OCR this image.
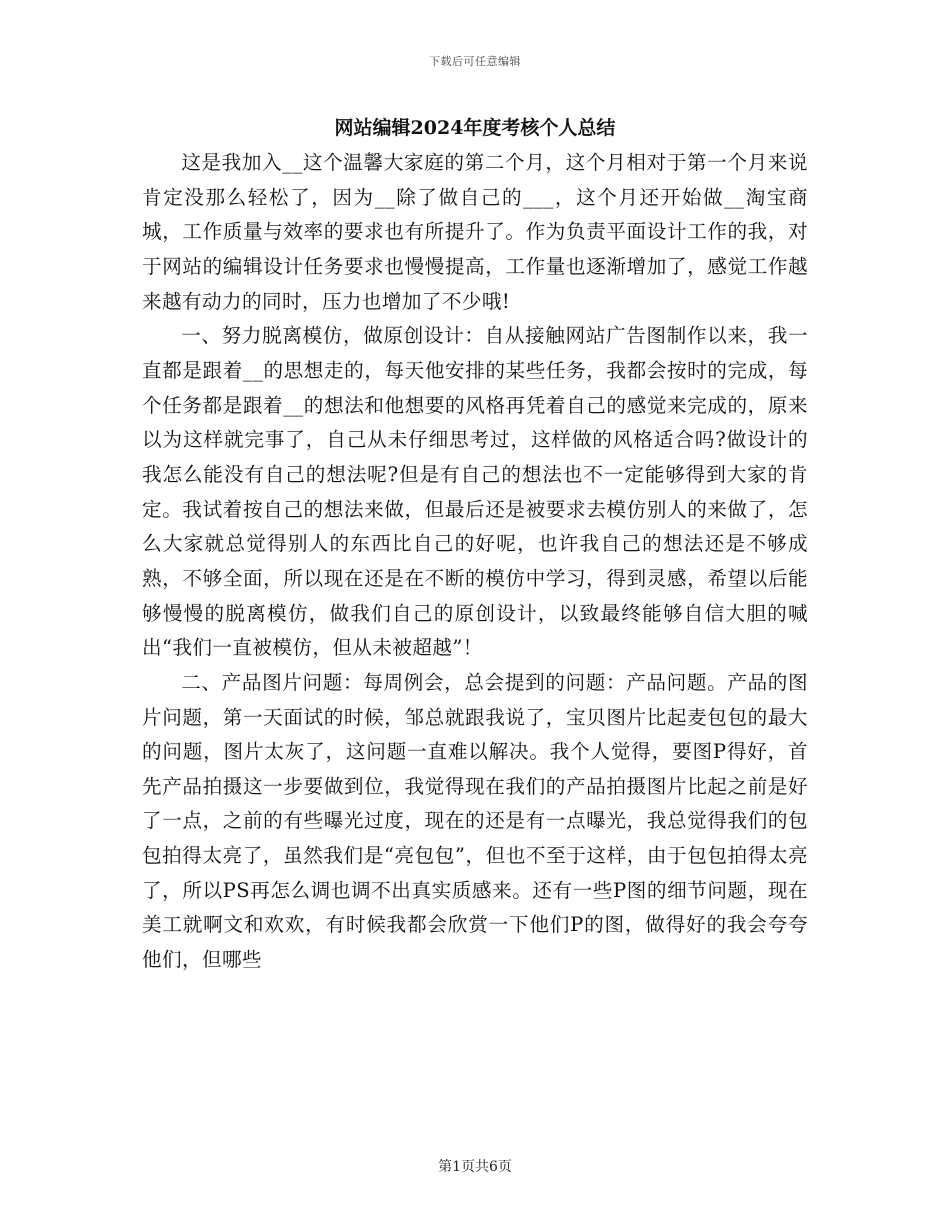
下载后可任意编辑
网站编辑2024年度考核个人总结

这是我加入__这个温馨大家庭的第二个月，这个月相对于第一个月来说肯定没那么轻松了，因为__除了做自己的___，这个月还开始做__淘宝商城，工作质量与效率的要求也有所提升了。作为负责平面设计工作的我，对于网站的编辑设计任务要求也慢慢提高，工作量也逐渐增加了，感觉工作越来越有动力的同时，压力也增加了不少哦!

一、努力脱离模仿，做原创设计：自从接触网站广告图制作以来，我一直都是跟着__的思想走的，每天他安排的某些任务，我都会按时的完成，每个任务都是跟着__的想法和他想要的风格再凭着自己的感觉来完成的，原来以为这样就完事了，自己从未仔细思考过，这样做的风格适合吗?做设计的我怎么能没有自己的想法呢?但是有自己的想法也不一定能够得到大家的肯定。我试着按自己的想法来做，但最后还是被要求去模仿别人的来做了，怎么大家就总觉得别人的东西比自己的好呢，也许我自己的想法还是不够成熟，不够全面，所以现在还是在不断的模仿中学习，得到灵感，希望以后能够慢慢的脱离模仿，做我们自己的原创设计，以致最终能够自信大胆的喊出“我们一直被模仿，但从未被超越”！

二、产品图片问题：每周例会，总会提到的问题：产品问题。产品的图片问题，第一天面试的时候，邹总就跟我说了，宝贝图片比起麦包包的最大的问题，图片太灰了，这问题一直难以解决。我个人觉得，要图P得好，首先产品拍摄这一步要做到位，我觉得现在我们的产品拍摄图片比起之前是好了一点，之前的有些曝光过度，现在的还是有一点曝光，我总觉得我们的包包拍得太亮了，虽然我们是“亮包包”，但也不至于这样，由于包包拍得太亮了，所以PS再怎么调也调不出真实质感来。还有一些P图的细节问题，现在美工就啊文和欢欢，有时候我都会欣赏一下他们P的图，做得好的我会夸夸他们，但哪些

第1页共6页
